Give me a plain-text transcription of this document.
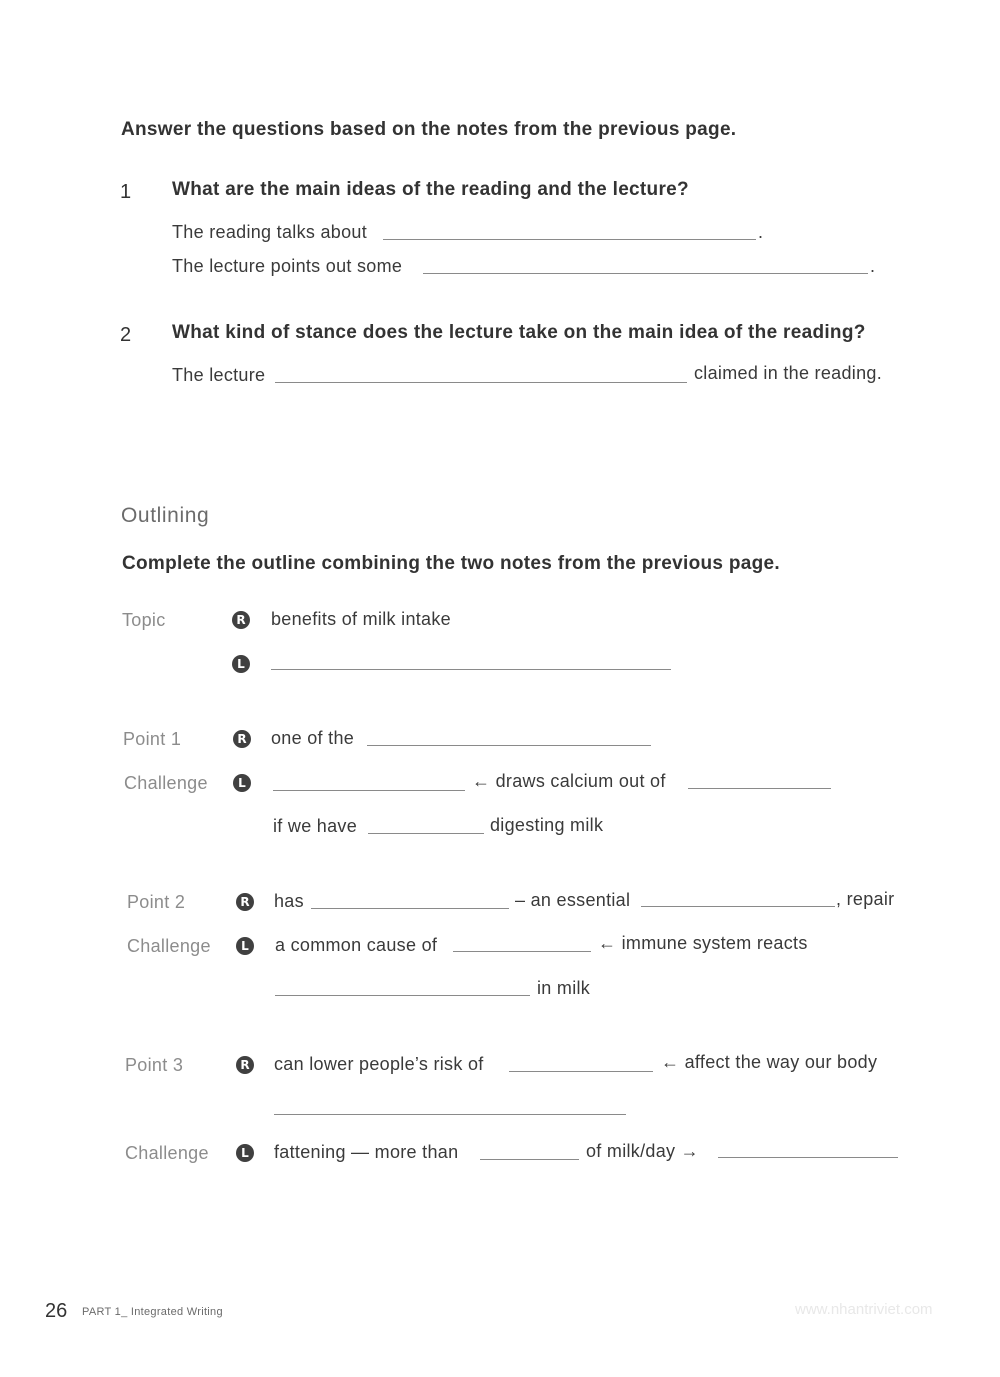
Answer the questions based on the notes from the previous page.
1 What are the main ideas of the reading and the lecture?
The reading talks about	.
The lecture points out some	.
2 What kind of stance does the lecture take on the main idea of the reading?
The lecture	claimed in the reading.
Outlining
Complete the outline combining the two notes from the previous page.
Topic	R benefits of milk intake
L
Point 1	R one of the
Challenge	L	← draws calcium out of
if we have	digesting milk
Point 2	R has	– an essential	, repair
Challenge	L a common cause of	← immune system reacts
in milk
Point 3	R can lower people’s risk of	← affect the way our body
Challenge	L fattening — more than	of milk/day →
26 PART 1_ Integrated Writing	www.nhantriviet.com
